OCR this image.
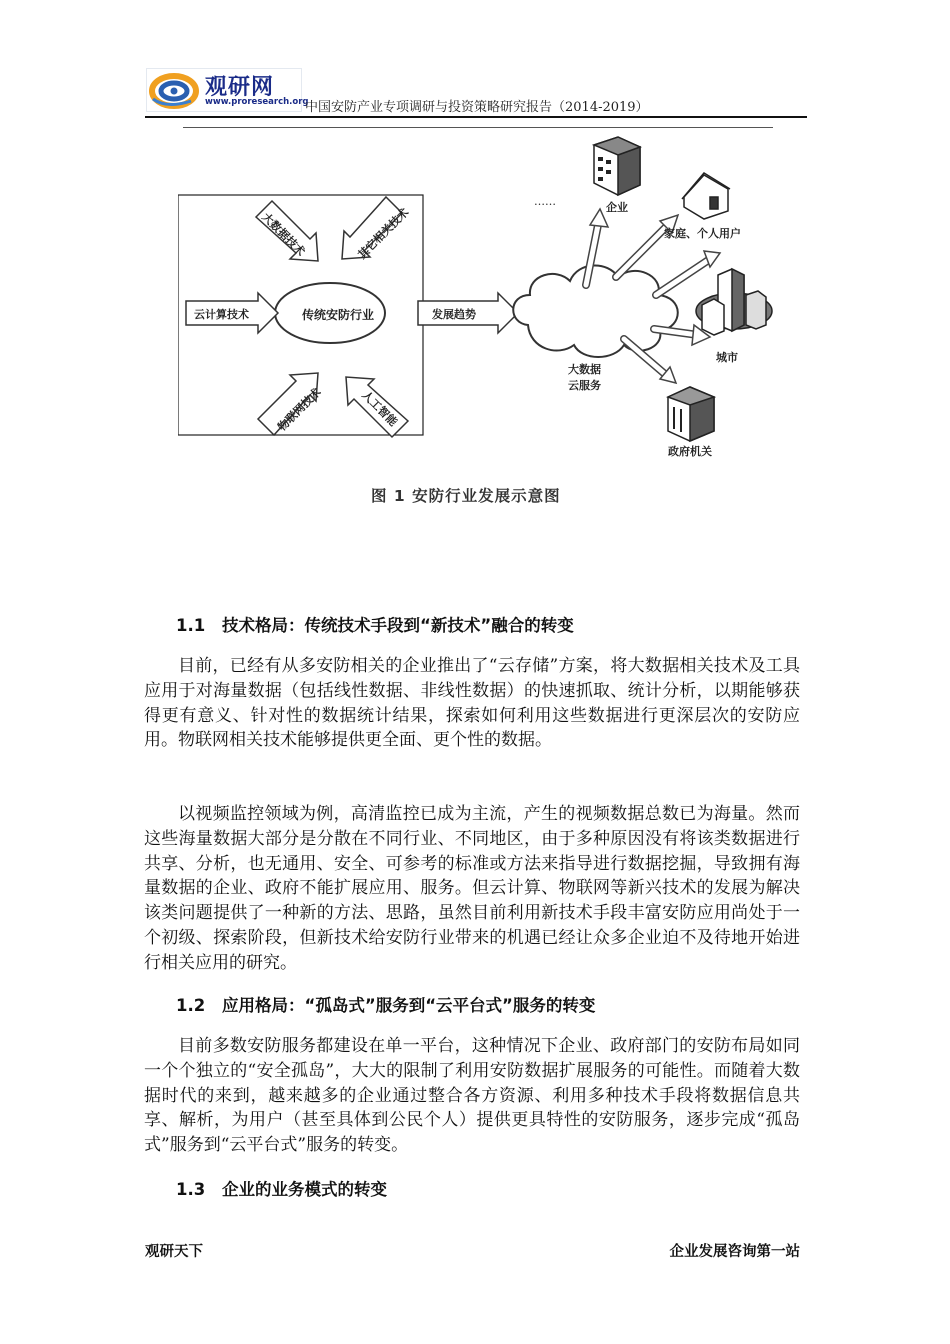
观研网
www.proresearch.org
中国安防产业专项调研与投资策略研究报告（2014-2019）
传统安防行业
云计算技术
大数据技术	其它相关技术
物联网技术	人工智能
发展趋势
大数据
云服务
……	企业
家庭、个人用户
城市
政府机关
图 1 安防行业发展示意图
1.1 技术格局：传统技术手段到“新技术”融合的转变

目前，已经有从多安防相关的企业推出了“云存储”方案，将大数据相关技术及工具应用于对海量数据（包括线性数据、非线性数据）的快速抓取、统计分析，以期能够获得更有意义、针对性的数据统计结果，探索如何利用这些数据进行更深层次的安防应用。物联网相关技术能够提供更全面、更个性的数据。

以视频监控领域为例，高清监控已成为主流，产生的视频数据总数已为海量。然而这些海量数据大部分是分散在不同行业、不同地区，由于多种原因没有将该类数据进行共享、分析，也无通用、安全、可参考的标准或方法来指导进行数据挖掘，导致拥有海量数据的企业、政府不能扩展应用、服务。但云计算、物联网等新兴技术的发展为解决该类问题提供了一种新的方法、思路，虽然目前利用新技术手段丰富安防应用尚处于一个初级、探索阶段，但新技术给安防行业带来的机遇已经让众多企业迫不及待地开始进行相关应用的研究。

1.2 应用格局：“孤岛式”服务到“云平台式”服务的转变

目前多数安防服务都建设在单一平台，这种情况下企业、政府部门的安防布局如同一个个独立的“安全孤岛”，大大的限制了利用安防数据扩展服务的可能性。而随着大数据时代的来到，越来越多的企业通过整合各方资源、利用多种技术手段将数据信息共享、解析，为用户（甚至具体到公民个人）提供更具特性的安防服务，逐步完成“孤岛式”服务到“云平台式”服务的转变。

1.3 企业的业务模式的转变
观研天下	企业发展咨询第一站
